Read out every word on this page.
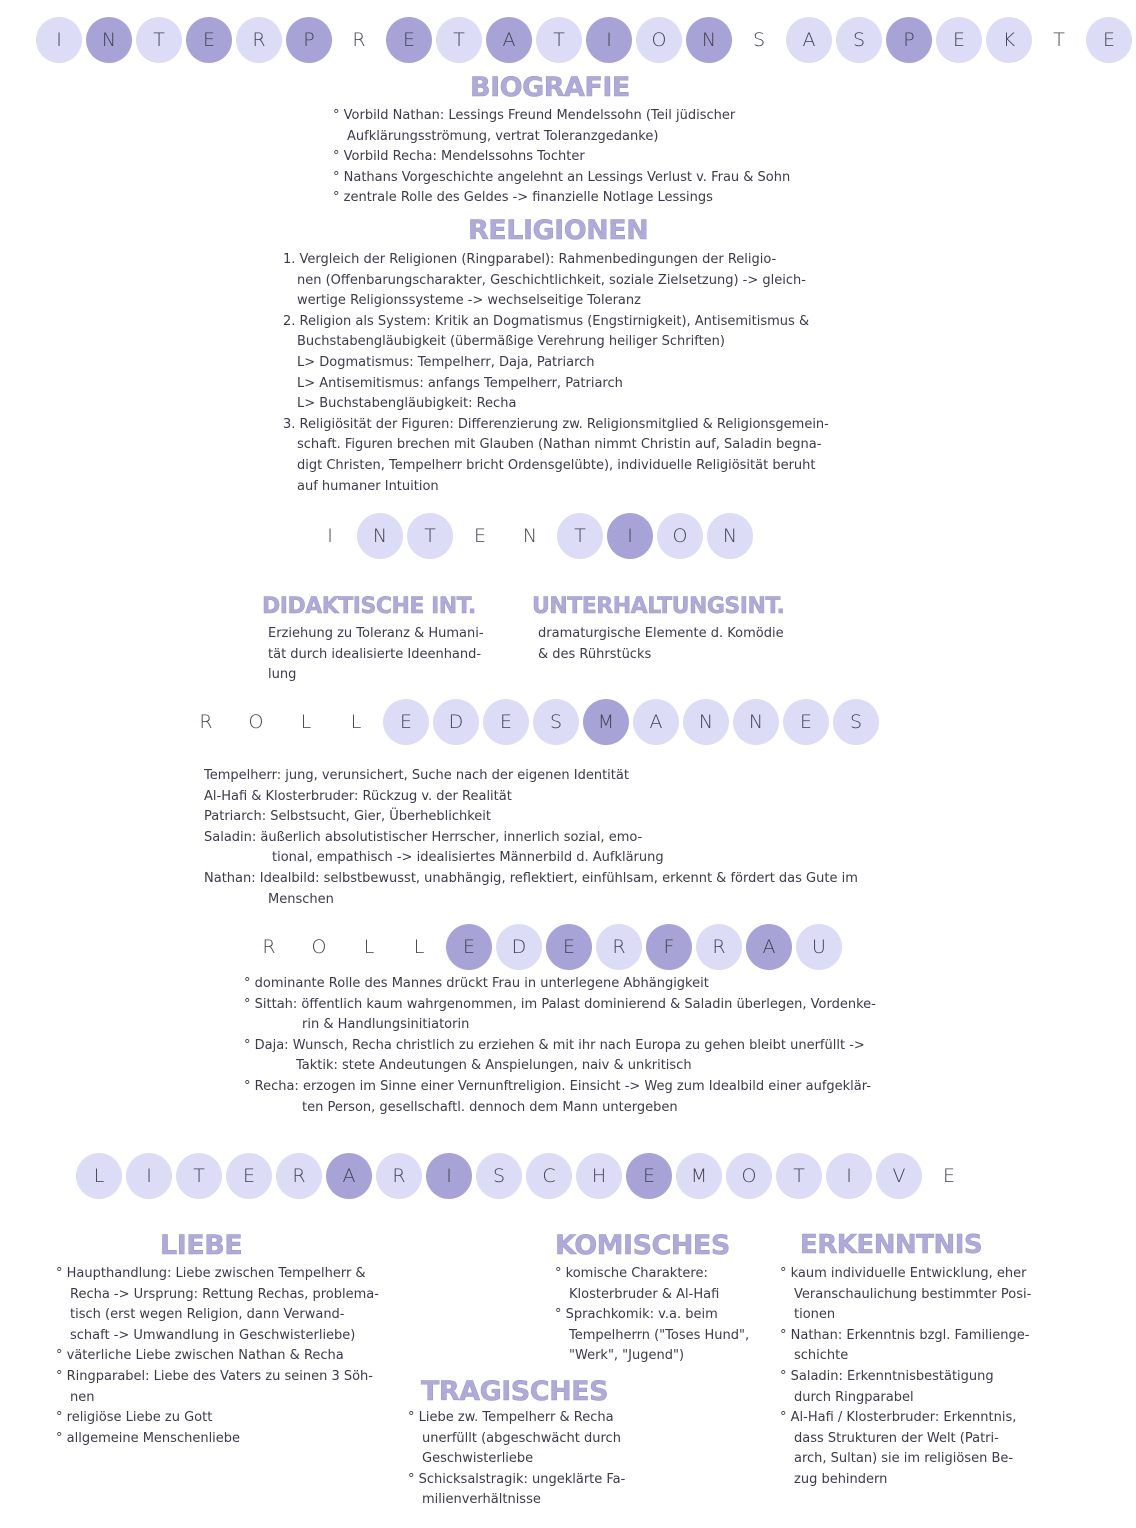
I	N	T	E	R	P	R	E	T	A	T	I	O	N	S	A	S	P	E	K	T	E
BIOGRAFIE
° Vorbild Nathan: Lessings Freund Mendelssohn (Teil jüdischer
Aufklärungsströmung, vertrat Toleranzgedanke)
° Vorbild Recha: Mendelssohns Tochter
° Nathans Vorgeschichte angelehnt an Lessings Verlust v. Frau & Sohn
° zentrale Rolle des Geldes -> finanzielle Notlage Lessings
RELIGIONEN
1. Vergleich der Religionen (Ringparabel): Rahmenbedingungen der Religio-
nen (Offenbarungscharakter, Geschichtlichkeit, soziale Zielsetzung) -> gleich-
wertige Religionssysteme -> wechselseitige Toleranz
2. Religion als System: Kritik an Dogmatismus (Engstirnigkeit), Antisemitismus &
Buchstabengläubigkeit (übermäßige Verehrung heiliger Schriften)
L> Dogmatismus: Tempelherr, Daja, Patriarch
L> Antisemitismus: anfangs Tempelherr, Patriarch
L> Buchstabengläubigkeit: Recha
3. Religiösität der Figuren: Differenzierung zw. Religionsmitglied & Religionsgemein-
schaft. Figuren brechen mit Glauben (Nathan nimmt Christin auf, Saladin begna-
digt Christen, Tempelherr bricht Ordensgelübte), individuelle Religiösität beruht
auf humaner Intuition
I	N	T	E	N	T	I	O	N
DIDAKTISCHE INT.
Erziehung zu Toleranz & Humani-
tät durch idealisierte Ideenhand-
lung
UNTERHALTUNGSINT.
dramaturgische Elemente d. Komödie
& des Rührstücks
R	O	L	L	E	D	E	S	M	A	N	N	E	S
Tempelherr: jung, verunsichert, Suche nach der eigenen Identität
Al-Hafi & Klosterbruder: Rückzug v. der Realität
Patriarch: Selbstsucht, Gier, Überheblichkeit
Saladin: äußerlich absolutistischer Herrscher, innerlich sozial, emo-
tional, empathisch -> idealisiertes Männerbild d. Aufklärung
Nathan: Idealbild: selbstbewusst, unabhängig, reflektiert, einfühlsam, erkennt & fördert das Gute im
Menschen
R	O	L	L	E	D	E	R	F	R	A	U
° dominante Rolle des Mannes drückt Frau in unterlegene Abhängigkeit
° Sittah: öffentlich kaum wahrgenommen, im Palast dominierend & Saladin überlegen, Vordenke-
rin & Handlungsinitiatorin
° Daja: Wunsch, Recha christlich zu erziehen & mit ihr nach Europa zu gehen bleibt unerfüllt ->
Taktik: stete Andeutungen & Anspielungen, naiv & unkritisch
° Recha: erzogen im Sinne einer Vernunftreligion. Einsicht -> Weg zum Idealbild einer aufgeklär-
ten Person, gesellschaftl. dennoch dem Mann untergeben
L	I	T	E	R	A	R	I	S	C	H	E	M	O	T	I	V	E
LIEBE
° Haupthandlung: Liebe zwischen Tempelherr &
Recha -> Ursprung: Rettung Rechas, problema-
tisch (erst wegen Religion, dann Verwand-
schaft -> Umwandlung in Geschwisterliebe)
° väterliche Liebe zwischen Nathan & Recha
° Ringparabel: Liebe des Vaters zu seinen 3 Söh-
nen
° religiöse Liebe zu Gott
° allgemeine Menschenliebe
KOMISCHES
° komische Charaktere:
Klosterbruder & Al-Hafi
° Sprachkomik: v.a. beim
Tempelherrn ("Toses Hund",
"Werk", "Jugend")
TRAGISCHES
° Liebe zw. Tempelherr & Recha
unerfüllt (abgeschwächt durch
Geschwisterliebe
° Schicksalstragik: ungeklärte Fa-
milienverhältnisse
ERKENNTNIS
° kaum individuelle Entwicklung, eher
Veranschaulichung bestimmter Posi-
tionen
° Nathan: Erkenntnis bzgl. Familienge-
schichte
° Saladin: Erkenntnisbestätigung
durch Ringparabel
° Al-Hafi / Klosterbruder: Erkenntnis,
dass Strukturen der Welt (Patri-
arch, Sultan) sie im religiösen Be-
zug behindern
